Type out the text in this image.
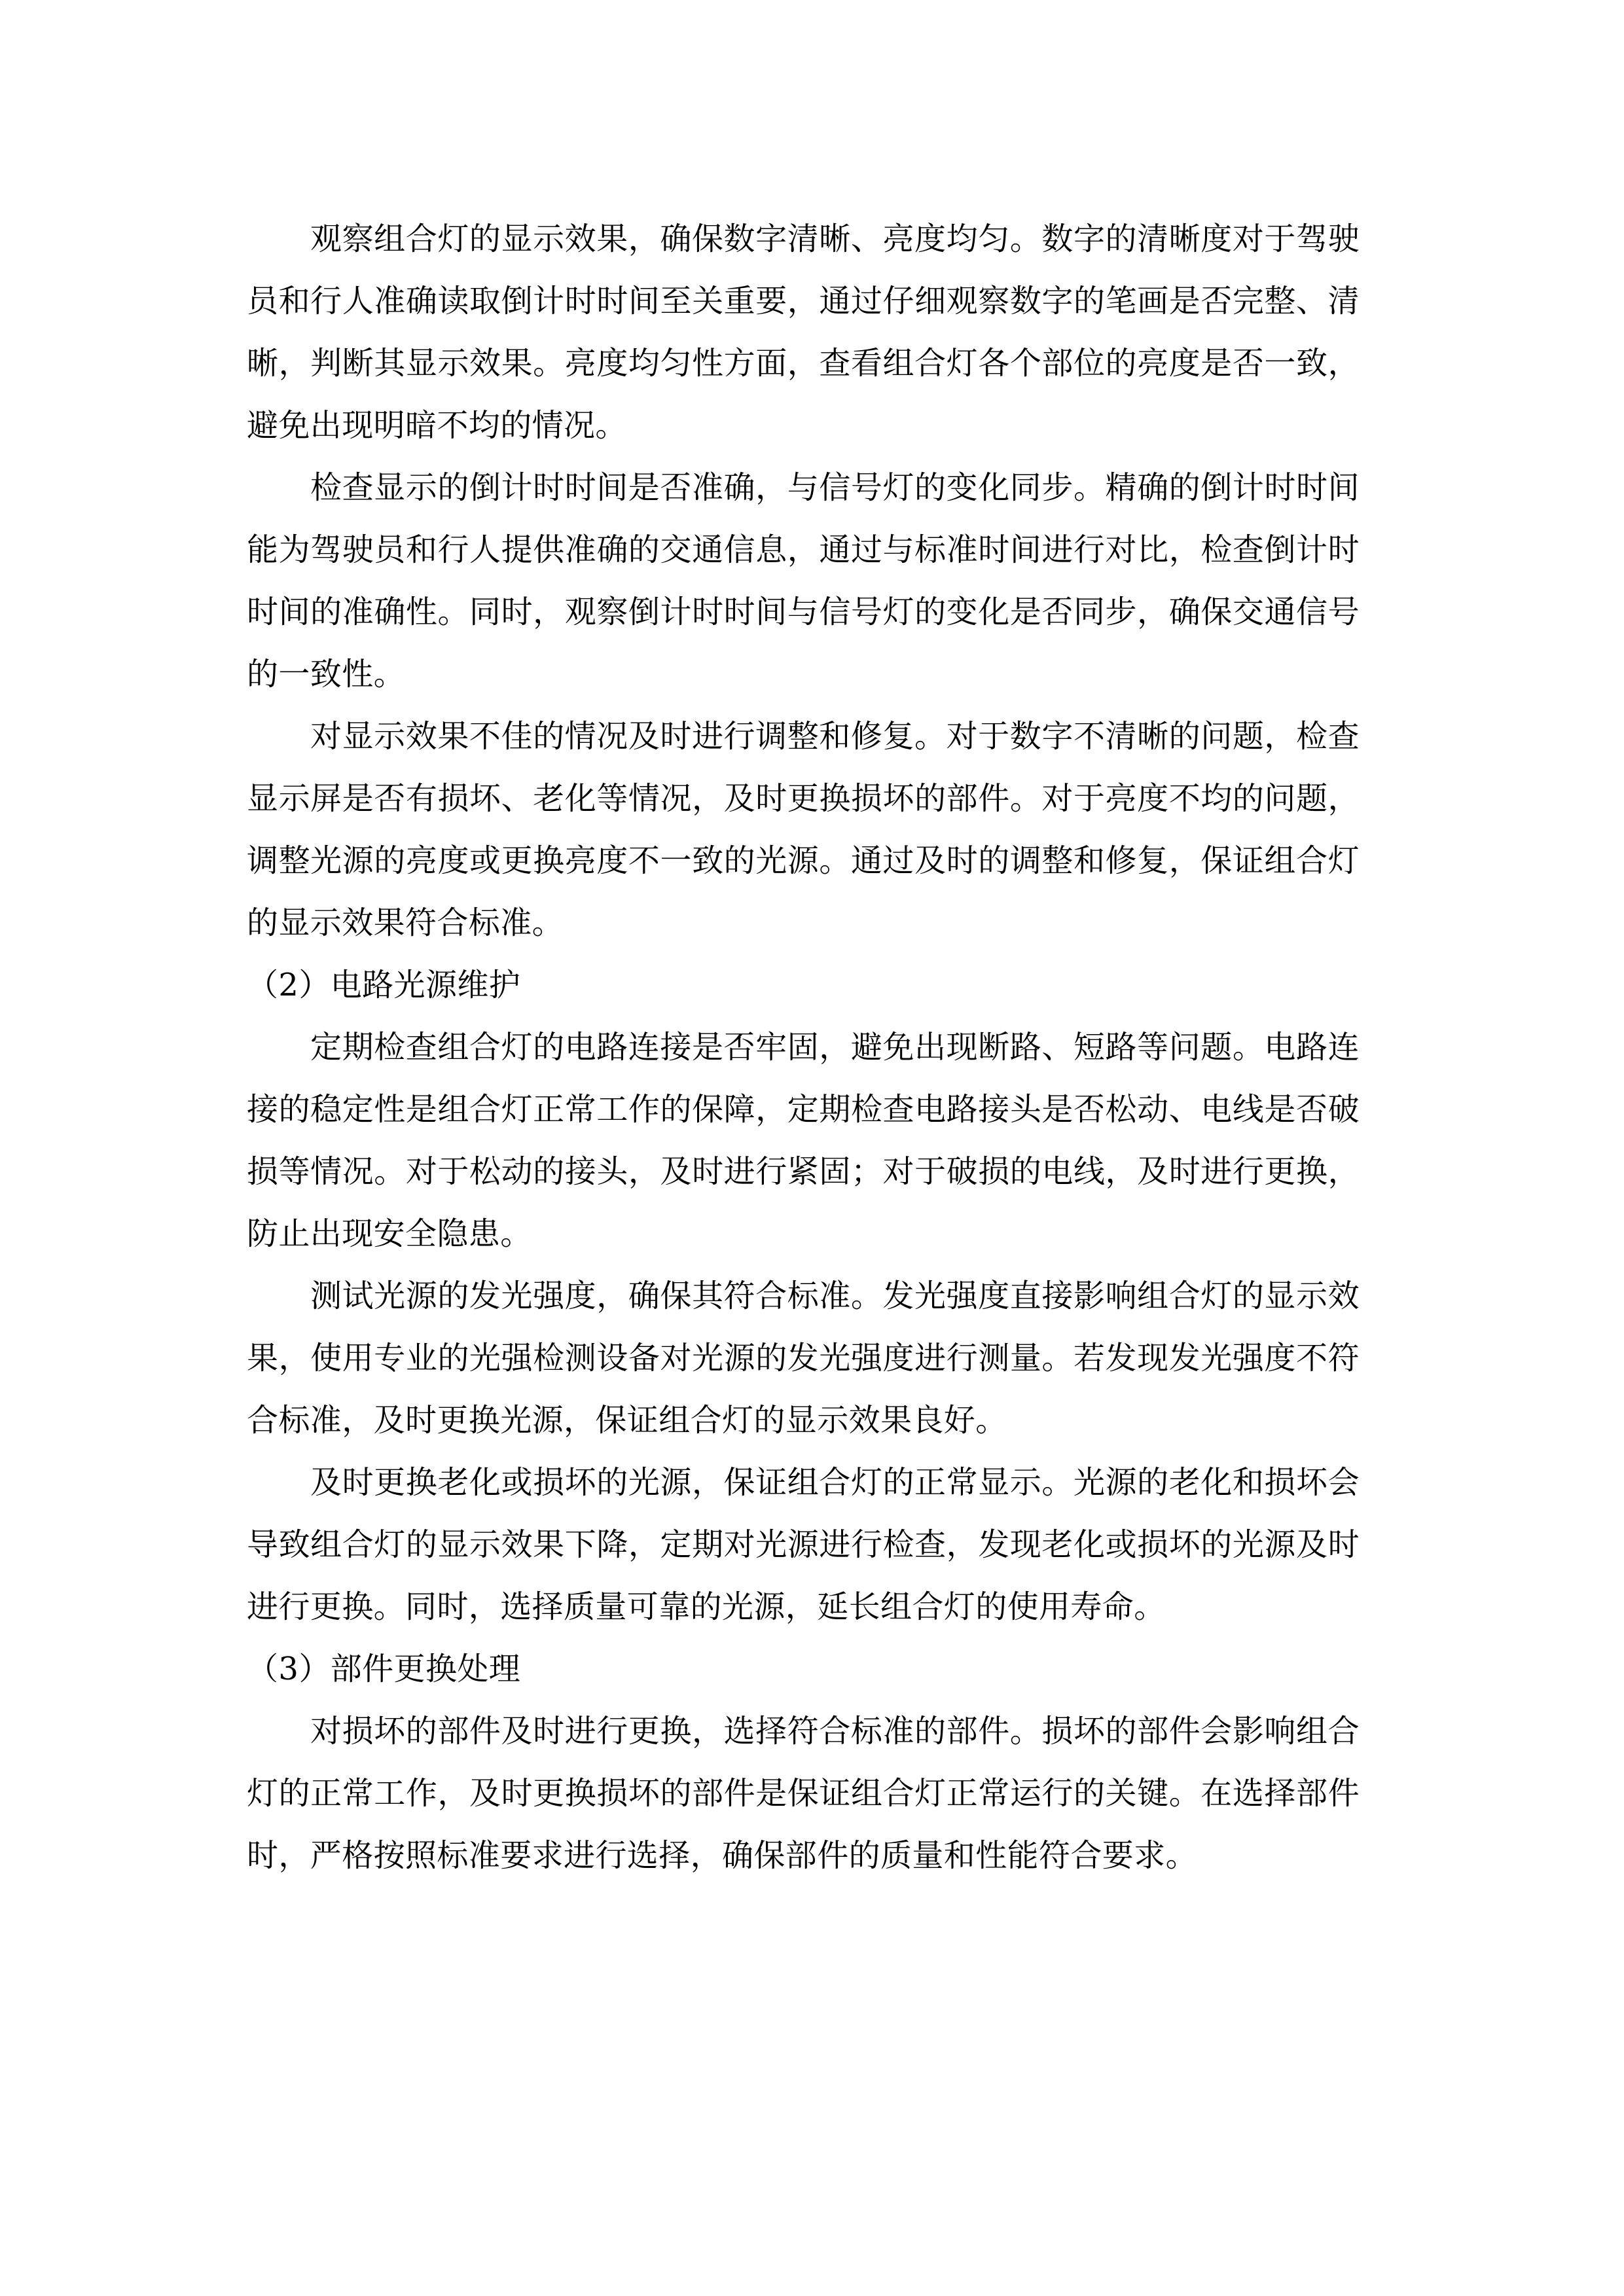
观察组合灯的显示效果，确保数字清晰、亮度均匀。数字的清晰度对于驾驶员和行人准确读取倒计时时间至关重要，通过仔细观察数字的笔画是否完整、清晰，判断其显示效果。亮度均匀性方面，查看组合灯各个部位的亮度是否一致，避免出现明暗不均的情况。

检查显示的倒计时时间是否准确，与信号灯的变化同步。精确的倒计时时间能为驾驶员和行人提供准确的交通信息，通过与标准时间进行对比，检查倒计时时间的准确性。同时，观察倒计时时间与信号灯的变化是否同步，确保交通信号的一致性。

对显示效果不佳的情况及时进行调整和修复。对于数字不清晰的问题，检查显示屏是否有损坏、老化等情况，及时更换损坏的部件。对于亮度不均的问题，调整光源的亮度或更换亮度不一致的光源。通过及时的调整和修复，保证组合灯的显示效果符合标准。

（2）电路光源维护

定期检查组合灯的电路连接是否牢固，避免出现断路、短路等问题。电路连接的稳定性是组合灯正常工作的保障，定期检查电路接头是否松动、电线是否破损等情况。对于松动的接头，及时进行紧固；对于破损的电线，及时进行更换，防止出现安全隐患。

测试光源的发光强度，确保其符合标准。发光强度直接影响组合灯的显示效果，使用专业的光强检测设备对光源的发光强度进行测量。若发现发光强度不符合标准，及时更换光源，保证组合灯的显示效果良好。

及时更换老化或损坏的光源，保证组合灯的正常显示。光源的老化和损坏会导致组合灯的显示效果下降，定期对光源进行检查，发现老化或损坏的光源及时进行更换。同时，选择质量可靠的光源，延长组合灯的使用寿命。

（3）部件更换处理

对损坏的部件及时进行更换，选择符合标准的部件。损坏的部件会影响组合灯的正常工作，及时更换损坏的部件是保证组合灯正常运行的关键。在选择部件时，严格按照标准要求进行选择，确保部件的质量和性能符合要求。
